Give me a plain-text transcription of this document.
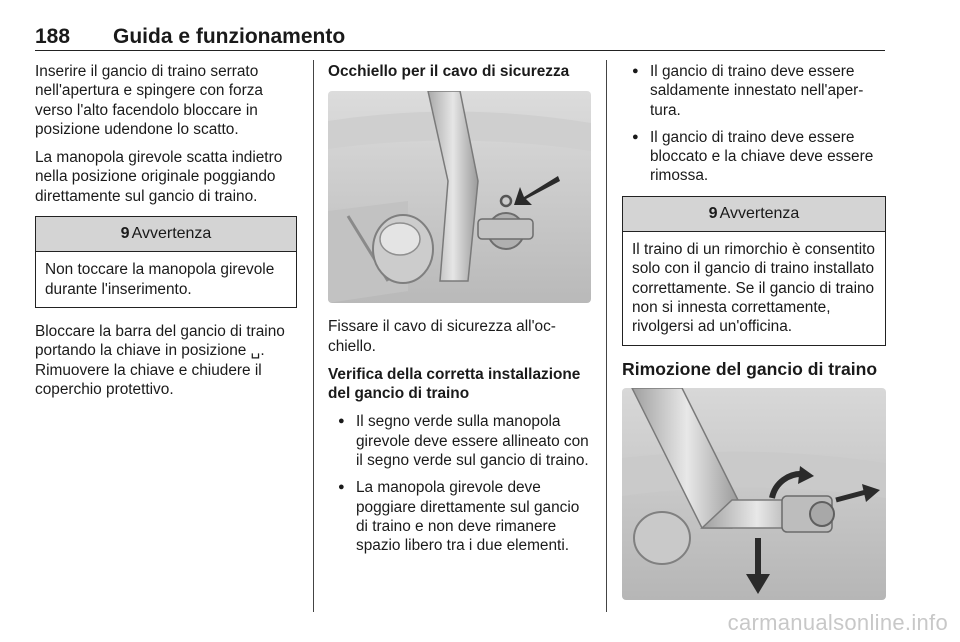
188 Guida e funzionamento

Inserire il gancio di traino serrato nell'apertura e spingere con forza verso l'alto facendolo bloccare in posizione udendone lo scatto.

La manopola girevole scatta indietro nella posizione originale poggiando direttamente sul gancio di traino.

9 Avvertenza
Non toccare la manopola girevole durante l'inserimento.

Bloccare la barra del gancio di traino portando la chiave in posizione ␣. Rimuovere la chiave e chiudere il coperchio protettivo.

Occhiello per il cavo di sicurezza

Fissare il cavo di sicurezza all'occhiello.

Verifica della corretta installazione del gancio di traino

● Il segno verde sulla manopola girevole deve essere allineato con il segno verde sul gancio di traino.
● La manopola girevole deve poggiare direttamente sul gancio di traino e non deve rimanere spazio libero tra i due elementi.
● Il gancio di traino deve essere saldamente innestato nell'apertura.
● Il gancio di traino deve essere bloccato e la chiave deve essere rimossa.
9 Avvertenza
Il traino di un rimorchio è consentito solo con il gancio di traino installato correttamente. Se il gancio di traino non si innesta correttamente, rivolgersi ad un'officina.

Rimozione del gancio di traino

carmanualsonline.info
